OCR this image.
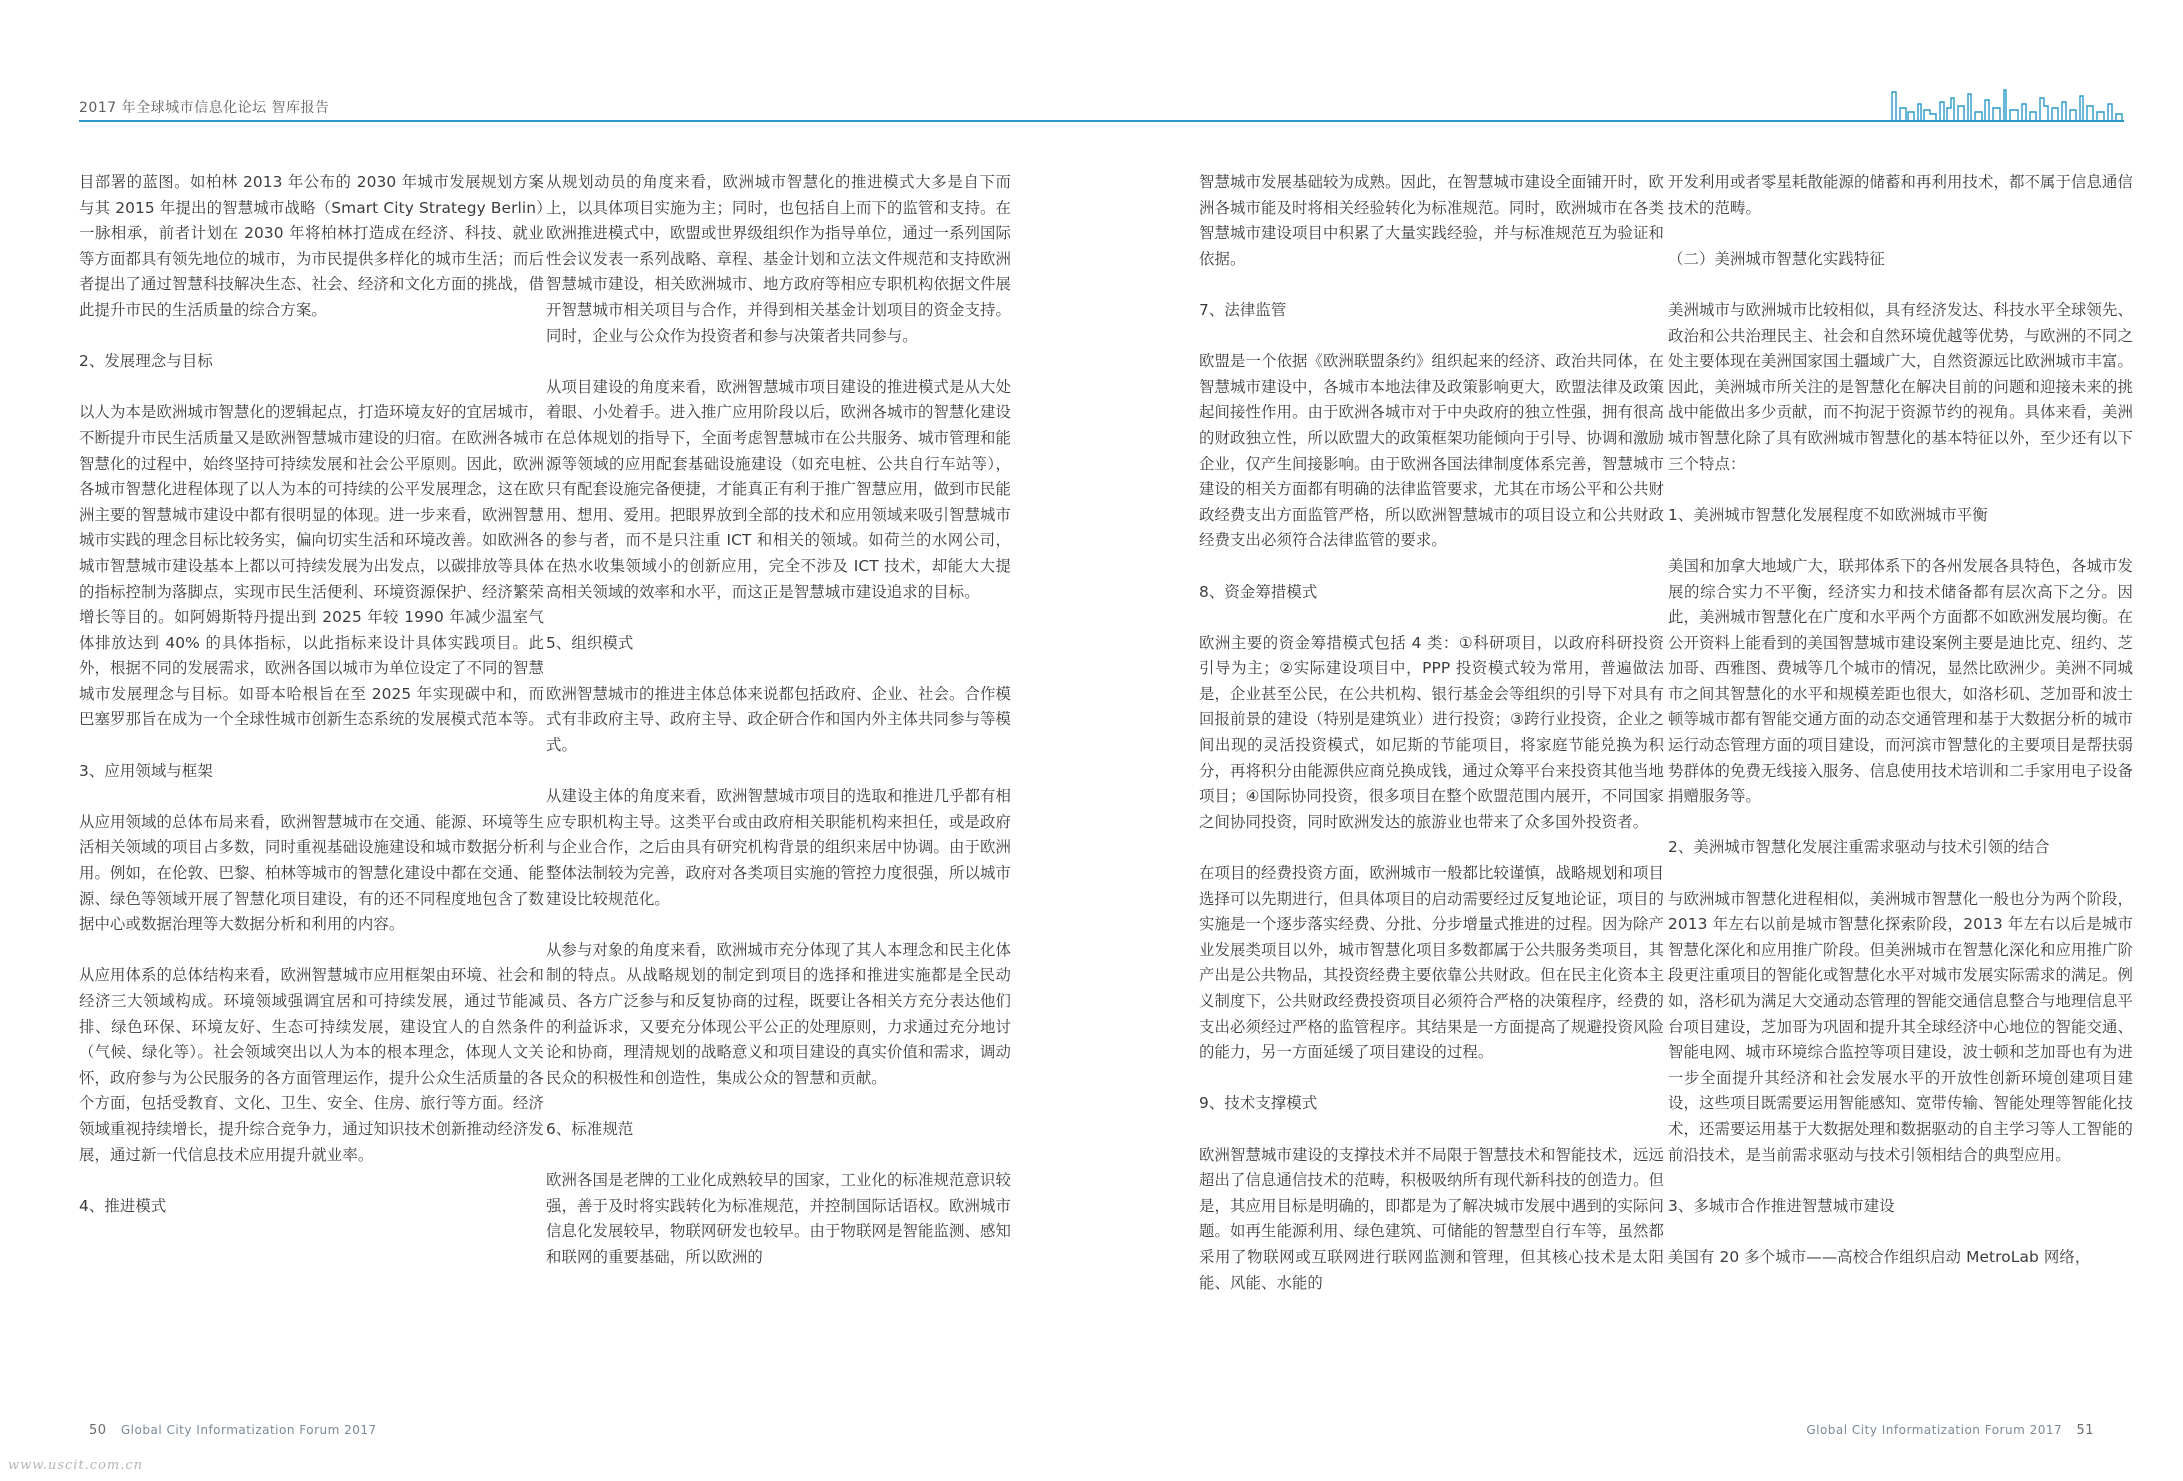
2017 年全球城市信息化论坛 智库报告

目部署的蓝图。如柏林 2013 年公布的 2030 年城市发展规划方案与其 2015 年提出的智慧城市战略（Smart City Strategy Berlin）一脉相承，前者计划在 2030 年将柏林打造成在经济、科技、就业等方面都具有领先地位的城市，为市民提供多样化的城市生活；而后者提出了通过智慧科技解决生态、社会、经济和文化方面的挑战，借此提升市民的生活质量的综合方案。

2、发展理念与目标

以人为本是欧洲城市智慧化的逻辑起点，打造环境友好的宜居城市，不断提升市民生活质量又是欧洲智慧城市建设的归宿。在欧洲各城市智慧化的过程中，始终坚持可持续发展和社会公平原则。因此，欧洲各城市智慧化进程体现了以人为本的可持续的公平发展理念，这在欧洲主要的智慧城市建设中都有很明显的体现。进一步来看，欧洲智慧城市实践的理念目标比较务实，偏向切实生活和环境改善。如欧洲各城市智慧城市建设基本上都以可持续发展为出发点，以碳排放等具体的指标控制为落脚点，实现市民生活便利、环境资源保护、经济繁荣增长等目的。如阿姆斯特丹提出到 2025 年较 1990 年减少温室气体排放达到 40% 的具体指标，以此指标来设计具体实践项目。此外，根据不同的发展需求，欧洲各国以城市为单位设定了不同的智慧城市发展理念与目标。如哥本哈根旨在至 2025 年实现碳中和，而巴塞罗那旨在成为一个全球性城市创新生态系统的发展模式范本等。

3、应用领域与框架

从应用领域的总体布局来看，欧洲智慧城市在交通、能源、环境等生活相关领域的项目占多数，同时重视基础设施建设和城市数据分析利用。例如，在伦敦、巴黎、柏林等城市的智慧化建设中都在交通、能源、绿色等领域开展了智慧化项目建设，有的还不同程度地包含了数据中心或数据治理等大数据分析和利用的内容。

从应用体系的总体结构来看，欧洲智慧城市应用框架由环境、社会和经济三大领域构成。环境领域强调宜居和可持续发展，通过节能减排、绿色环保、环境友好、生态可持续发展，建设宜人的自然条件（气候、绿化等）。社会领域突出以人为本的根本理念，体现人文关怀，政府参与为公民服务的各方面管理运作，提升公众生活质量的各个方面，包括受教育、文化、卫生、安全、住房、旅行等方面。经济领域重视持续增长，提升综合竞争力，通过知识技术创新推动经济发展，通过新一代信息技术应用提升就业率。

4、推进模式

从规划动员的角度来看，欧洲城市智慧化的推进模式大多是自下而上，以具体项目实施为主；同时，也包括自上而下的监管和支持。在欧洲推进模式中，欧盟或世界级组织作为指导单位，通过一系列国际性会议发表一系列战略、章程、基金计划和立法文件规范和支持欧洲智慧城市建设，相关欧洲城市、地方政府等相应专职机构依据文件展开智慧城市相关项目与合作，并得到相关基金计划项目的资金支持。同时，企业与公众作为投资者和参与决策者共同参与。

从项目建设的角度来看，欧洲智慧城市项目建设的推进模式是从大处着眼、小处着手。进入推广应用阶段以后，欧洲各城市的智慧化建设在总体规划的指导下，全面考虑智慧城市在公共服务、城市管理和能源等领域的应用配套基础设施建设（如充电桩、公共自行车站等），只有配套设施完备便捷，才能真正有利于推广智慧应用，做到市民能用、想用、爱用。把眼界放到全部的技术和应用领域来吸引智慧城市的参与者，而不是只注重 ICT 和相关的领域。如荷兰的水网公司，在热水收集领域小的创新应用，完全不涉及 ICT 技术，却能大大提高相关领域的效率和水平，而这正是智慧城市建设追求的目标。

5、组织模式

欧洲智慧城市的推进主体总体来说都包括政府、企业、社会。合作模式有非政府主导、政府主导、政企研合作和国内外主体共同参与等模式。

从建设主体的角度来看，欧洲智慧城市项目的选取和推进几乎都有相应专职机构主导。这类平台或由政府相关职能机构来担任，或是政府与企业合作，之后由具有研究机构背景的组织来居中协调。由于欧洲整体法制较为完善，政府对各类项目实施的管控力度很强，所以城市建设比较规范化。

从参与对象的角度来看，欧洲城市充分体现了其人本理念和民主化体制的特点。从战略规划的制定到项目的选择和推进实施都是全民动员、各方广泛参与和反复协商的过程，既要让各相关方充分表达他们的利益诉求，又要充分体现公平公正的处理原则，力求通过充分地讨论和协商，理清规划的战略意义和项目建设的真实价值和需求，调动民众的积极性和创造性，集成公众的智慧和贡献。

6、标准规范

欧洲各国是老牌的工业化成熟较早的国家，工业化的标准规范意识较强，善于及时将实践转化为标准规范，并控制国际话语权。欧洲城市信息化发展较早，物联网研发也较早。由于物联网是智能监测、感知和联网的重要基础，所以欧洲的

智慧城市发展基础较为成熟。因此，在智慧城市建设全面铺开时，欧洲各城市能及时将相关经验转化为标准规范。同时，欧洲城市在各类智慧城市建设项目中积累了大量实践经验，并与标准规范互为验证和依据。

7、法律监管

欧盟是一个依据《欧洲联盟条约》组织起来的经济、政治共同体，在智慧城市建设中，各城市本地法律及政策影响更大，欧盟法律及政策起间接性作用。由于欧洲各城市对于中央政府的独立性强，拥有很高的财政独立性，所以欧盟大的政策框架功能倾向于引导、协调和激励企业，仅产生间接影响。由于欧洲各国法律制度体系完善，智慧城市建设的相关方面都有明确的法律监管要求，尤其在市场公平和公共财政经费支出方面监管严格，所以欧洲智慧城市的项目设立和公共财政经费支出必须符合法律监管的要求。

8、资金筹措模式

欧洲主要的资金筹措模式包括 4 类：①科研项目，以政府科研投资引导为主；②实际建设项目中，PPP 投资模式较为常用，普遍做法是，企业甚至公民，在公共机构、银行基金会等组织的引导下对具有回报前景的建设（特别是建筑业）进行投资；③跨行业投资，企业之间出现的灵活投资模式，如尼斯的节能项目，将家庭节能兑换为积分，再将积分由能源供应商兑换成钱，通过众筹平台来投资其他当地项目；④国际协同投资，很多项目在整个欧盟范围内展开，不同国家之间协同投资，同时欧洲发达的旅游业也带来了众多国外投资者。

在项目的经费投资方面，欧洲城市一般都比较谨慎，战略规划和项目选择可以先期进行，但具体项目的启动需要经过反复地论证，项目的实施是一个逐步落实经费、分批、分步增量式推进的过程。因为除产业发展类项目以外，城市智慧化项目多数都属于公共服务类项目，其产出是公共物品，其投资经费主要依靠公共财政。但在民主化资本主义制度下，公共财政经费投资项目必须符合严格的决策程序，经费的支出必须经过严格的监管程序。其结果是一方面提高了规避投资风险的能力，另一方面延缓了项目建设的过程。

9、技术支撑模式

欧洲智慧城市建设的支撑技术并不局限于智慧技术和智能技术，远远超出了信息通信技术的范畴，积极吸纳所有现代新科技的创造力。但是，其应用目标是明确的，即都是为了解决城市发展中遇到的实际问题。如再生能源利用、绿色建筑、可储能的智慧型自行车等，虽然都采用了物联网或互联网进行联网监测和管理，但其核心技术是太阳能、风能、水能的

开发利用或者零星耗散能源的储蓄和再利用技术，都不属于信息通信技术的范畴。

（二）美洲城市智慧化实践特征

美洲城市与欧洲城市比较相似，具有经济发达、科技水平全球领先、政治和公共治理民主、社会和自然环境优越等优势，与欧洲的不同之处主要体现在美洲国家国土疆域广大，自然资源远比欧洲城市丰富。因此，美洲城市所关注的是智慧化在解决目前的问题和迎接未来的挑战中能做出多少贡献，而不拘泥于资源节约的视角。具体来看，美洲城市智慧化除了具有欧洲城市智慧化的基本特征以外，至少还有以下三个特点：

1、美洲城市智慧化发展程度不如欧洲城市平衡

美国和加拿大地域广大，联邦体系下的各州发展各具特色，各城市发展的综合实力不平衡，经济实力和技术储备都有层次高下之分。因此，美洲城市智慧化在广度和水平两个方面都不如欧洲发展均衡。在公开资料上能看到的美国智慧城市建设案例主要是迪比克、纽约、芝加哥、西雅图、费城等几个城市的情况，显然比欧洲少。美洲不同城市之间其智慧化的水平和规模差距也很大，如洛杉矶、芝加哥和波士顿等城市都有智能交通方面的动态交通管理和基于大数据分析的城市运行动态管理方面的项目建设，而河滨市智慧化的主要项目是帮扶弱势群体的免费无线接入服务、信息使用技术培训和二手家用电子设备捐赠服务等。

2、美洲城市智慧化发展注重需求驱动与技术引领的结合

与欧洲城市智慧化进程相似，美洲城市智慧化一般也分为两个阶段，2013 年左右以前是城市智慧化探索阶段，2013 年左右以后是城市智慧化深化和应用推广阶段。但美洲城市在智慧化深化和应用推广阶段更注重项目的智能化或智慧化水平对城市发展实际需求的满足。例如，洛杉矶为满足大交通动态管理的智能交通信息整合与地理信息平台项目建设，芝加哥为巩固和提升其全球经济中心地位的智能交通、智能电网、城市环境综合监控等项目建设，波士顿和芝加哥也有为进一步全面提升其经济和社会发展水平的开放性创新环境创建项目建设，这些项目既需要运用智能感知、宽带传输、智能处理等智能化技术，还需要运用基于大数据处理和数据驱动的自主学习等人工智能的前沿技术，是当前需求驱动与技术引领相结合的典型应用。

3、多城市合作推进智慧城市建设

美国有 20 多个城市——高校合作组织启动 MetroLab 网络，

50 Global City Informatization Forum 2017	Global City Informatization Forum 2017 51
www.uscit.com.cn
